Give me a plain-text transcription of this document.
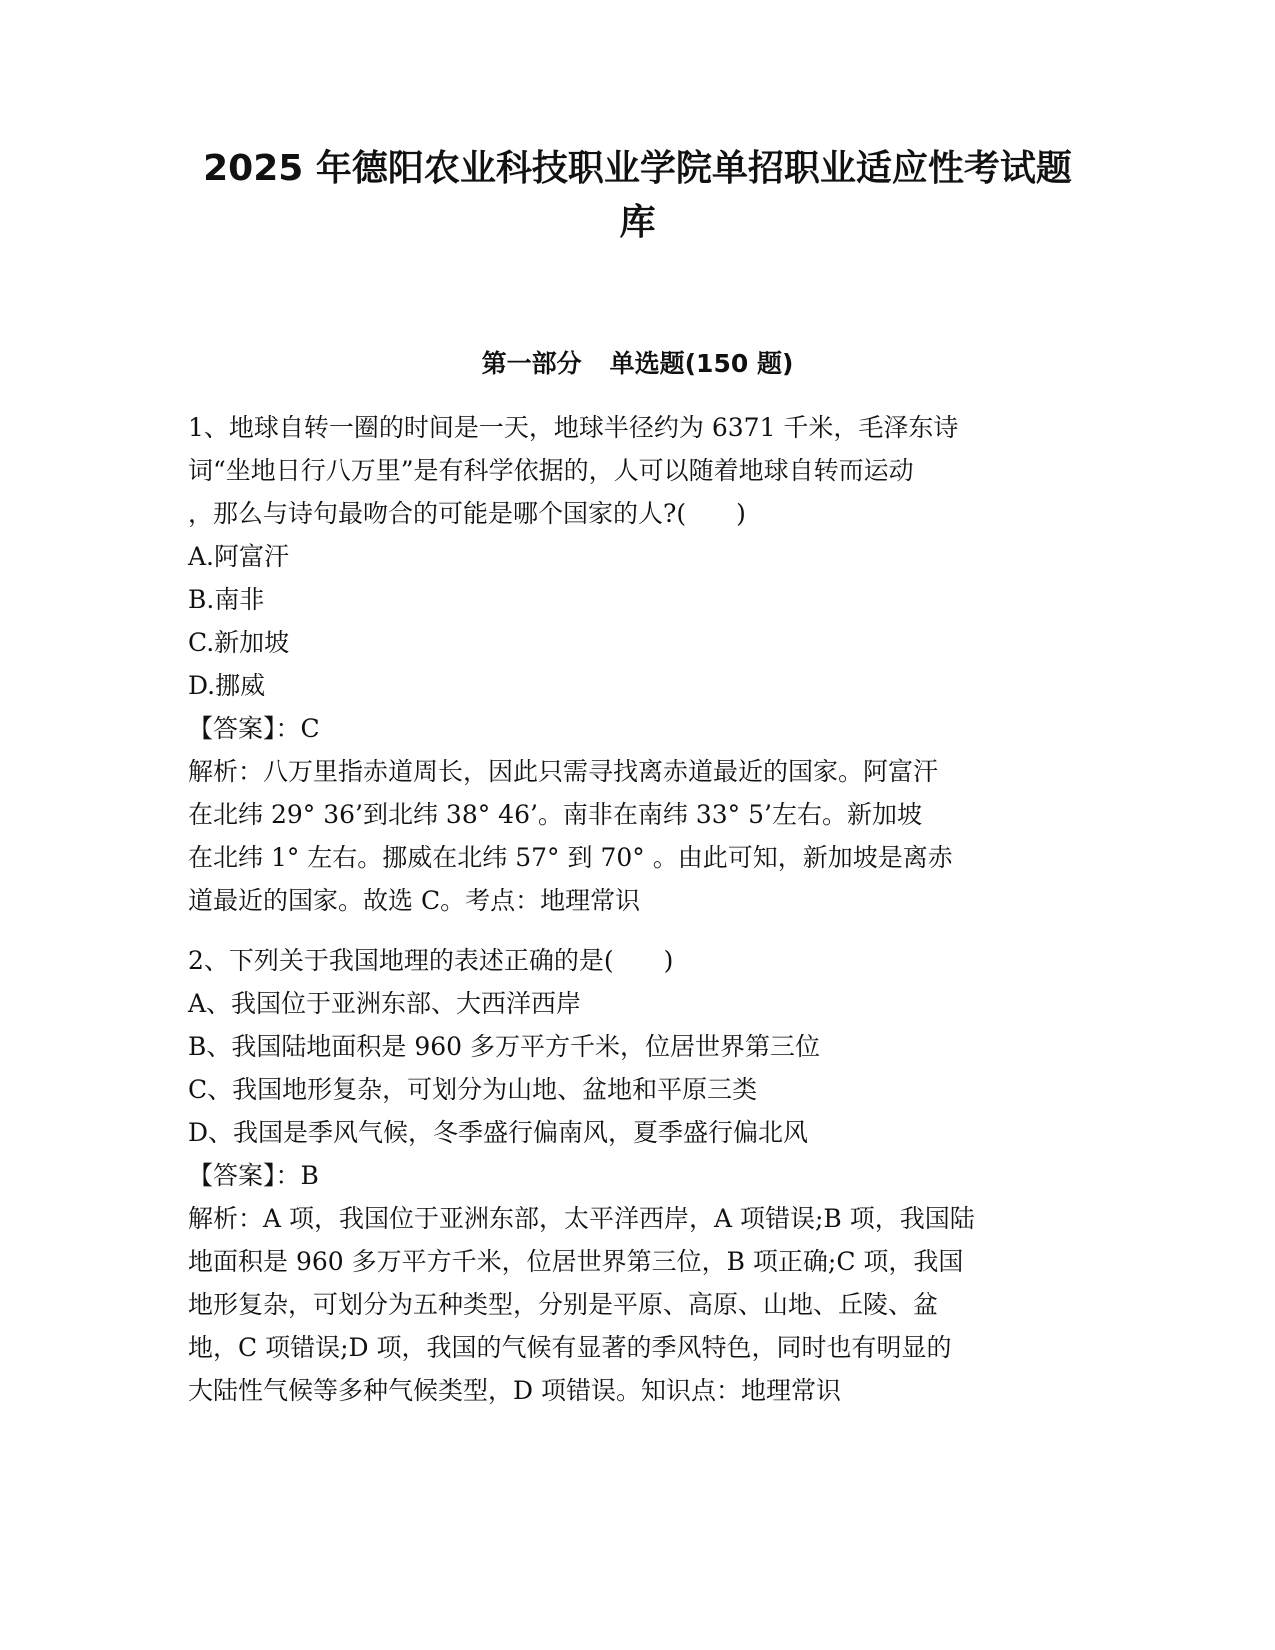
2025 年德阳农业科技职业学院单招职业适应性考试题
库
第一部分 单选题(150 题)

1、地球自转一圈的时间是一天，地球半径约为 6371 千米，毛泽东诗

词“坐地日行八万里”是有科学依据的，人可以随着地球自转而运动

，那么与诗句最吻合的可能是哪个国家的人?(　　)

A.阿富汗

B.南非

C.新加坡

D.挪威

【答案】：C

解析：八万里指赤道周长，因此只需寻找离赤道最近的国家。阿富汗

在北纬 29° 36’到北纬 38° 46’。南非在南纬 33° 5’左右。新加坡

在北纬 1° 左右。挪威在北纬 57° 到 70° 。由此可知，新加坡是离赤

道最近的国家。故选 C。考点：地理常识

2、下列关于我国地理的表述正确的是(　　)

A、我国位于亚洲东部、大西洋西岸

B、我国陆地面积是 960 多万平方千米，位居世界第三位

C、我国地形复杂，可划分为山地、盆地和平原三类

D、我国是季风气候，冬季盛行偏南风，夏季盛行偏北风

【答案】：B

解析：A 项，我国位于亚洲东部，太平洋西岸，A 项错误;B 项，我国陆

地面积是 960 多万平方千米，位居世界第三位，B 项正确;C 项，我国

地形复杂，可划分为五种类型，分别是平原、高原、山地、丘陵、盆

地，C 项错误;D 项，我国的气候有显著的季风特色，同时也有明显的

大陆性气候等多种气候类型，D 项错误。知识点：地理常识
